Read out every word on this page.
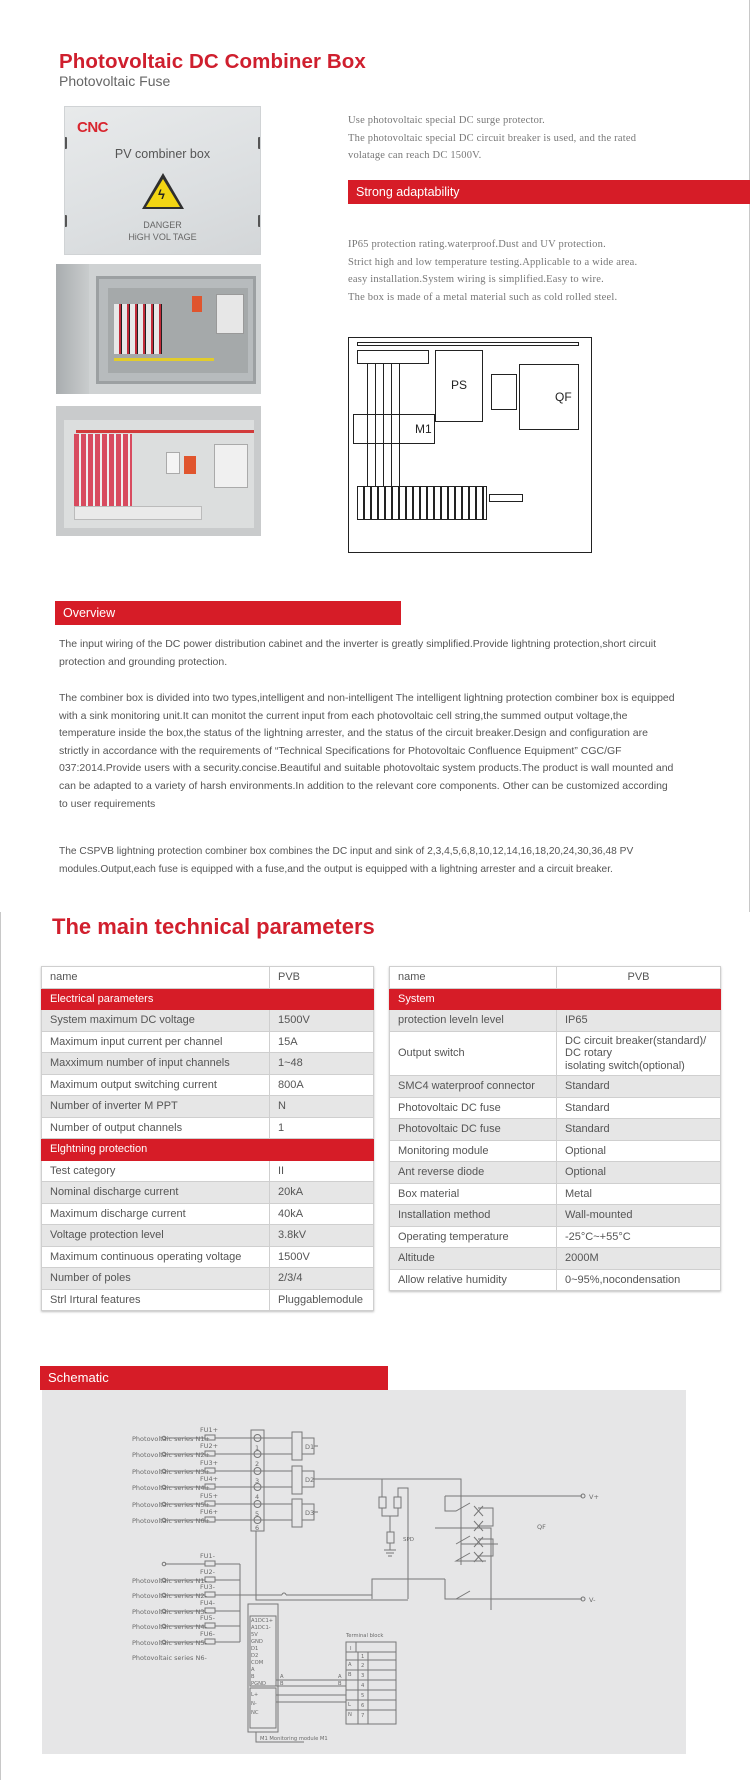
Photovoltaic DC Combiner Box
Photovoltaic Fuse
CNC
PV combiner box
ϟ
DANGER
HiGH VOL TAGE
Use photovoltaic special DC surge protector.
The photovoltaic special DC circuit breaker is used, and the rated
volatage can reach DC 1500V.
Strong adaptability
IP65 protection rating.waterproof.Dust and UV protection.
Strict high and low temperature testing.Applicable to a wide area.
easy installation.System wiring is simplified.Easy to wire.
The box is made of a metal material such as cold rolled steel.
PS
QF
M1
Overview

The input wiring of the DC power distribution cabinet and the inverter is greatly simplified.Provide lightning protection,short circuit protection and grounding protection.

The combiner box is divided into two types,intelligent and non-intelligent The intelligent lightning protection combiner box is equipped with a sink monitoring unit.It can monitot the current input from each photovoltaic cell string,the summed output voltage,the temperature inside the box,the status of the lightning arrester, and the status of the circuit breaker.Design and configuration are strictly in accordance with the requirements of “Technical Specifications for Photovoltaic Confluence Equipment” CGC/GF 037:2014.Provide users with a security.concise.Beautiful and suitable photovoltaic system products.The product is wall mounted and can be adapted to a variety of harsh environments.In addition to the relevant core components. Other can be customized according to user requirements

The CSPVB lightning protection combiner box combines the DC input and sink of 2,3,4,5,6,8,10,12,14,16,18,20,24,30,36,48 PV modules.Output,each fuse is equipped with a fuse,and the output is equipped with a lightning arrester and a circuit breaker.

The main technical parameters
name	PVB
Electrical parameters	
System maximum DC voltage	1500V
Maximum input current per channel	15A
Maxximum number of input channels	1~48
Maximum output switching current	800A
Number of inverter M PPT	N
Number of output channels	1
Elghtning protection	
Test category	II
Nominal discharge current	20kA
Maximum discharge current	40kA
Voltage protection level	3.8kV
Maximum continuous operating voltage	1500V
Number of poles	2/3/4
Strl Irtural features	Pluggablemodule
name	PVB
System	
protection leveln level	IP65
Output switch	DC circuit breaker(standard)/
DC rotary
isolating switch(optional)

SMC4 waterproof connector	Standard
Photovoltaic DC fuse	Standard
Photovoltaic DC fuse	Standard
Monitoring module	Optional
Ant reverse diode	Optional
Box material	Metal
Installation method	Wall-mounted
Operating temperature	-25°C~+55°C
Altitude	2000M
Allow relative humidity	0~95%,nocondensation
Schematic
Photovoltaic series N1+
Photovoltaic series N2+
Photovoltaic series N3+
Photovoltaic series N4+
Photovoltaic series N5+
Photovoltaic series N6+
FU1+
FU2+
FU3+
FU4+
FU5+
FU6+
1
2
3
4
5
6
D1
D2
D3
SPD
QF
V+
V-
Photovoltaic series N1-
Photovoltaic series N2-
Photovoltaic series N3-
Photovoltaic series N4-
Photovoltaic series N5-
Photovoltaic series N6-
FU1-
FU2-
FU3-
FU4-
FU5-
FU6-
A1DC1+
A1DC1-
5V
GND
D1
D2
COM
A
B
PGND
L+
N-
NC
A
B
A
B
M1 Monitoring module M1
Terminal block
I
A
B
L
N
1
2
3
4
5
6
7
